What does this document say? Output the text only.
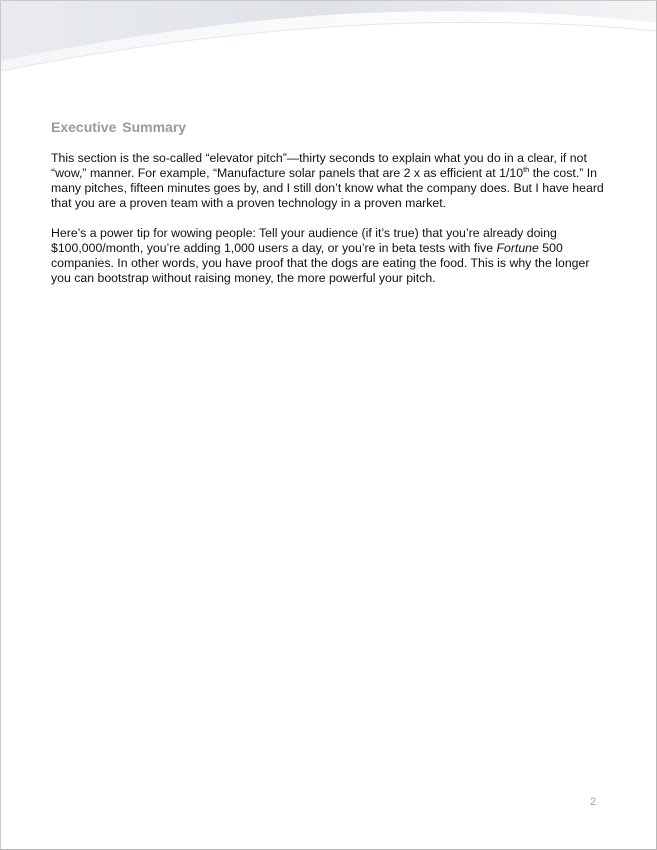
Executive Summary

This section is the so-called “elevator pitch”—thirty seconds to explain what you do in a clear, if not “wow,” manner. For example, “Manufacture solar panels that are 2 x as efficient at 1/10th the cost.” In many pitches, fifteen minutes goes by, and I still don’t know what the company does. But I have heard that you are a proven team with a proven technology in a proven market.

Here’s a power tip for wowing people: Tell your audience (if it’s true) that you’re already doing $100,000/month, you’re adding 1,000 users a day, or you’re in beta tests with five Fortune 500 companies. In other words, you have proof that the dogs are eating the food. This is why the longer you can bootstrap without raising money, the more powerful your pitch.

2
